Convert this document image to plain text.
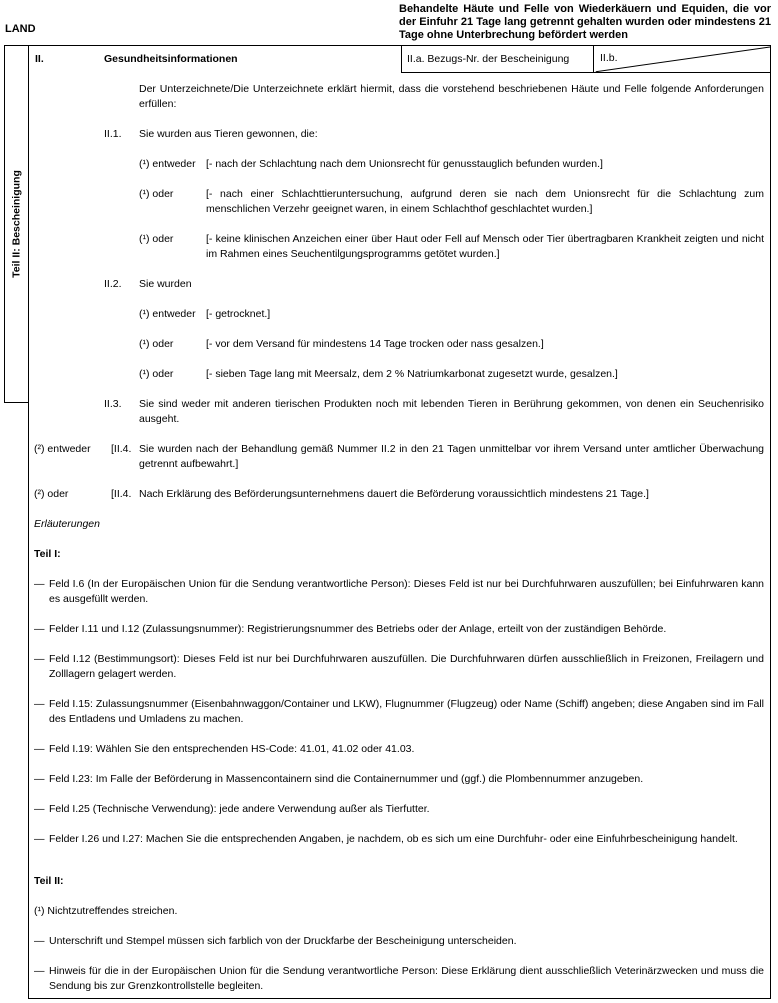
LAND
Behandelte Häute und Felle von Wiederkäuern und Equiden, die vor der Einfuhr 21 Tage lang getrennt gehalten wurden oder mindestens 21 Tage ohne Unterbrechung befördert werden
Teil II: Bescheinigung
II.	Gesundheitsinformationen	II.a. Bezugs-Nr. der Bescheinigung	II.b.
Der Unterzeichnete/Die Unterzeichnete erklärt hiermit, dass die vorstehend beschriebenen Häute und Felle folgende Anforderungen erfüllen:
II.1.	Sie wurden aus Tieren gewonnen, die:
(¹) entweder [- nach der Schlachtung nach dem Unionsrecht für genusstauglich befunden wurden.]
(¹) oder	[- nach einer Schlachttieruntersuchung, aufgrund deren sie nach dem Unionsrecht für die Schlachtung zum menschlichen Verzehr geeignet waren, in einem Schlachthof geschlachtet wurden.]
(¹) oder	[- keine klinischen Anzeichen einer über Haut oder Fell auf Mensch oder Tier übertragbaren Krankheit zeigten und nicht im Rahmen eines Seuchentilgungsprogramms getötet wurden.]
II.2.	Sie wurden
(¹) entweder [- getrocknet.]
(¹) oder	[- vor dem Versand für mindestens 14 Tage trocken oder nass gesalzen.]
(¹) oder	[- sieben Tage lang mit Meersalz, dem 2 % Natriumkarbonat zugesetzt wurde, gesalzen.]
II.3.	Sie sind weder mit anderen tierischen Produkten noch mit lebenden Tieren in Berührung gekommen, von denen ein Seuchenrisiko ausgeht.
(²) entweder	[II.4. Sie wurden nach der Behandlung gemäß Nummer II.2 in den 21 Tagen unmittelbar vor ihrem Versand unter amtlicher Überwachung getrennt aufbewahrt.]
(²) oder	[II.4. Nach Erklärung des Beförderungsunternehmens dauert die Beförderung voraussichtlich mindestens 21 Tage.]
Erläuterungen
Teil I:
— Feld I.6 (In der Europäischen Union für die Sendung verantwortliche Person): Dieses Feld ist nur bei Durchfuhrwaren auszufüllen; bei Einfuhrwaren kann es ausgefüllt werden.
— Felder I.11 und I.12 (Zulassungsnummer): Registrierungsnummer des Betriebs oder der Anlage, erteilt von der zuständigen Behörde.
— Feld I.12 (Bestimmungsort): Dieses Feld ist nur bei Durchfuhrwaren auszufüllen. Die Durchfuhrwaren dürfen ausschließlich in Freizonen, Freilagern und Zolllagern gelagert werden.
— Feld I.15: Zulassungsnummer (Eisenbahnwaggon/Container und LKW), Flugnummer (Flugzeug) oder Name (Schiff) angeben; diese Angaben sind im Fall des Entladens und Umladens zu machen.
— Feld I.19: Wählen Sie den entsprechenden HS-Code: 41.01, 41.02 oder 41.03.
— Feld I.23: Im Falle der Beförderung in Massencontainern sind die Containernummer und (ggf.) die Plombennummer anzugeben.
— Feld I.25 (Technische Verwendung): jede andere Verwendung außer als Tierfutter.
— Felder I.26 und I.27: Machen Sie die entsprechenden Angaben, je nachdem, ob es sich um eine Durchfuhr- oder eine Einfuhrbescheinigung handelt.
Teil II:
(¹) Nichtzutreffendes streichen.
— Unterschrift und Stempel müssen sich farblich von der Druckfarbe der Bescheinigung unterscheiden.
— Hinweis für die in der Europäischen Union für die Sendung verantwortliche Person: Diese Erklärung dient ausschließlich Veterinärzwecken und muss die Sendung bis zur Grenzkontrollstelle begleiten.
